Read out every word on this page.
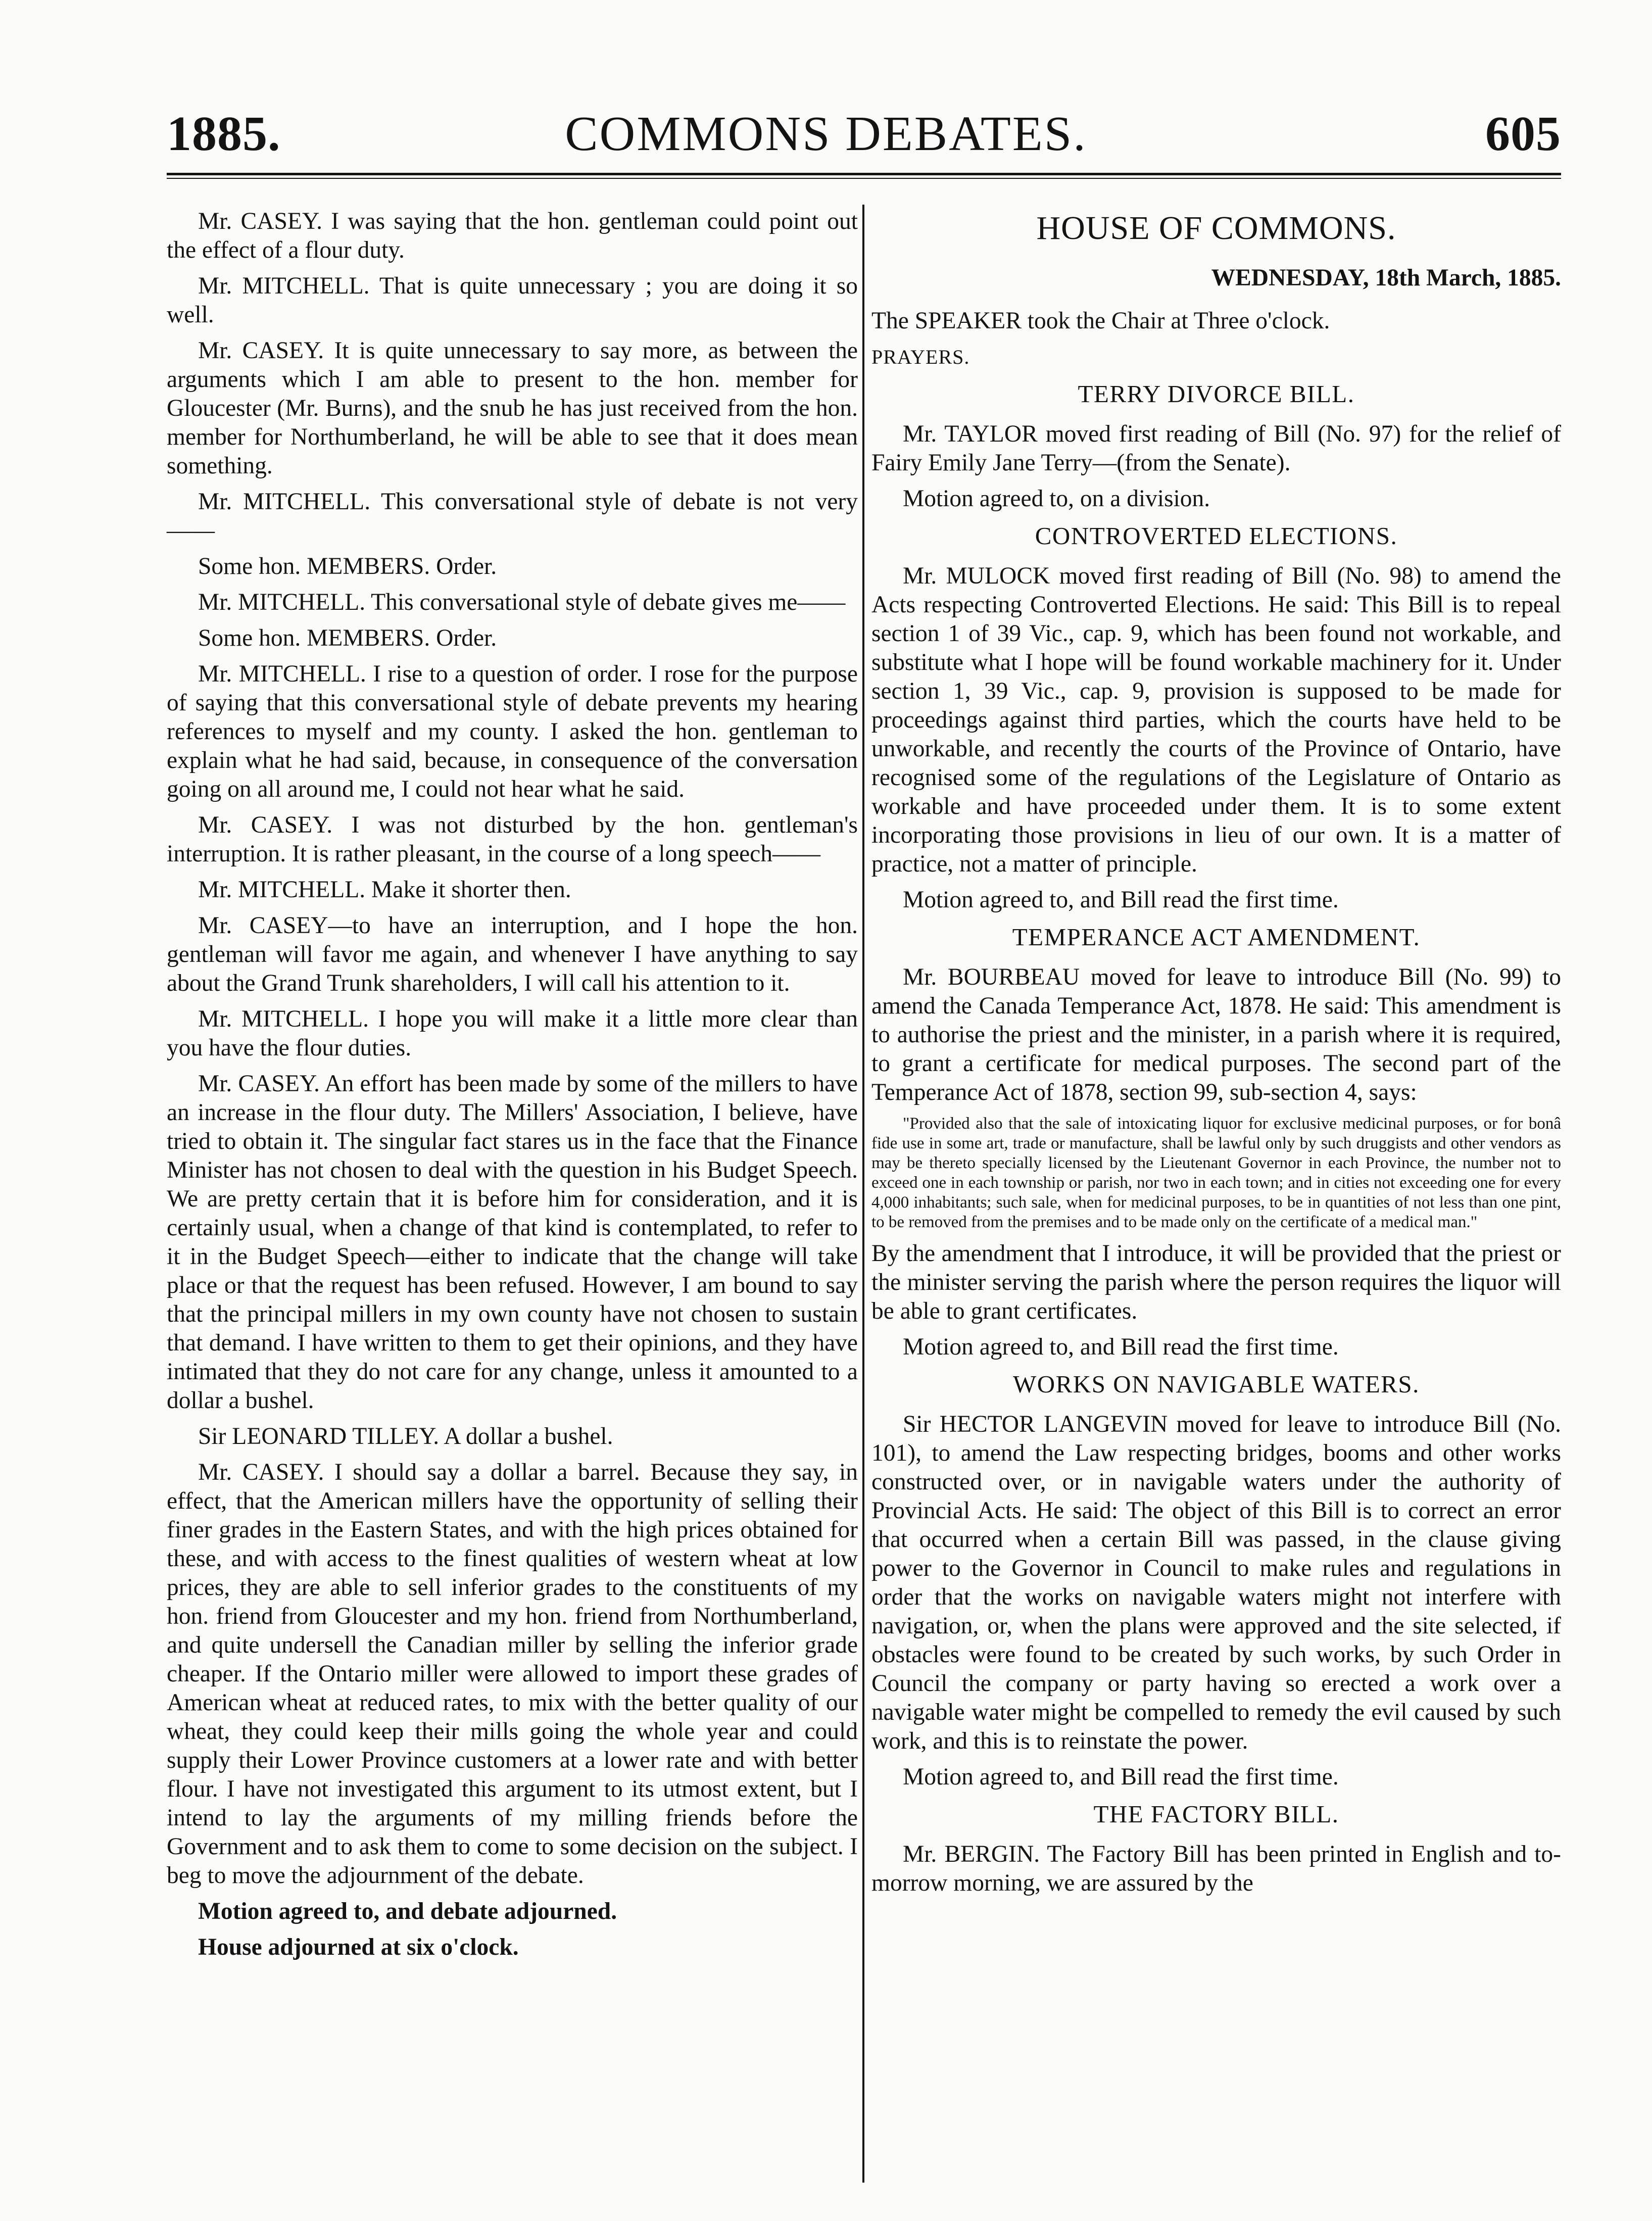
1885.	COMMONS DEBATES.	605

Mr. CASEY. I was saying that the hon. gentleman could point out the effect of a flour duty.

Mr. MITCHELL. That is quite unnecessary ; you are doing it so well.

Mr. CASEY. It is quite unnecessary to say more, as between the arguments which I am able to present to the hon. member for Gloucester (Mr. Burns), and the snub he has just received from the hon. member for Northumberland, he will be able to see that it does mean something.

Mr. MITCHELL. This conversational style of debate is not very——

Some hon. MEMBERS. Order.

Mr. MITCHELL. This conversational style of debate gives me——

Some hon. MEMBERS. Order.

Mr. MITCHELL. I rise to a question of order. I rose for the purpose of saying that this conversational style of debate prevents my hearing references to myself and my county. I asked the hon. gentleman to explain what he had said, because, in consequence of the conversation going on all around me, I could not hear what he said.

Mr. CASEY. I was not disturbed by the hon. gentleman's interruption. It is rather pleasant, in the course of a long speech——

Mr. MITCHELL. Make it shorter then.

Mr. CASEY—to have an interruption, and I hope the hon. gentleman will favor me again, and whenever I have anything to say about the Grand Trunk shareholders, I will call his attention to it.

Mr. MITCHELL. I hope you will make it a little more clear than you have the flour duties.

Mr. CASEY. An effort has been made by some of the millers to have an increase in the flour duty. The Millers' Association, I believe, have tried to obtain it. The singular fact stares us in the face that the Finance Minister has not chosen to deal with the question in his Budget Speech. We are pretty certain that it is before him for consideration, and it is certainly usual, when a change of that kind is contemplated, to refer to it in the Budget Speech—either to indicate that the change will take place or that the request has been refused. However, I am bound to say that the principal millers in my own county have not chosen to sustain that demand. I have written to them to get their opinions, and they have intimated that they do not care for any change, unless it amounted to a dollar a bushel.

Sir LEONARD TILLEY. A dollar a bushel.

Mr. CASEY. I should say a dollar a barrel. Because they say, in effect, that the American millers have the opportunity of selling their finer grades in the Eastern States, and with the high prices obtained for these, and with access to the finest qualities of western wheat at low prices, they are able to sell inferior grades to the constituents of my hon. friend from Gloucester and my hon. friend from Northumberland, and quite undersell the Canadian miller by selling the inferior grade cheaper. If the Ontario miller were allowed to import these grades of American wheat at reduced rates, to mix with the better quality of our wheat, they could keep their mills going the whole year and could supply their Lower Province customers at a lower rate and with better flour. I have not investigated this argument to its utmost extent, but I intend to lay the arguments of my milling friends before the Government and to ask them to come to some decision on the subject. I beg to move the adjournment of the debate.

Motion agreed to, and debate adjourned.

House adjourned at six o'clock.

HOUSE OF COMMONS.
WEDNESDAY, 18th March, 1885.

The SPEAKER took the Chair at Three o'clock.

PRAYERS.

TERRY DIVORCE BILL.

Mr. TAYLOR moved first reading of Bill (No. 97) for the relief of Fairy Emily Jane Terry—(from the Senate).

Motion agreed to, on a division.

CONTROVERTED ELECTIONS.

Mr. MULOCK moved first reading of Bill (No. 98) to amend the Acts respecting Controverted Elections. He said: This Bill is to repeal section 1 of 39 Vic., cap. 9, which has been found not workable, and substitute what I hope will be found workable machinery for it. Under section 1, 39 Vic., cap. 9, provision is supposed to be made for proceedings against third parties, which the courts have held to be unworkable, and recently the courts of the Province of Ontario, have recognised some of the regulations of the Legislature of Ontario as workable and have proceeded under them. It is to some extent incorporating those provisions in lieu of our own. It is a matter of practice, not a matter of principle.

Motion agreed to, and Bill read the first time.

TEMPERANCE ACT AMENDMENT.

Mr. BOURBEAU moved for leave to introduce Bill (No. 99) to amend the Canada Temperance Act, 1878. He said: This amendment is to authorise the priest and the minister, in a parish where it is required, to grant a certificate for medical purposes. The second part of the Temperance Act of 1878, section 99, sub-section 4, says:

"Provided also that the sale of intoxicating liquor for exclusive medicinal purposes, or for bonâ fide use in some art, trade or manufacture, shall be lawful only by such druggists and other vendors as may be thereto specially licensed by the Lieutenant Governor in each Province, the number not to exceed one in each township or parish, nor two in each town; and in cities not exceeding one for every 4,000 inhabitants; such sale, when for medicinal purposes, to be in quantities of not less than one pint, to be removed from the premises and to be made only on the certificate of a medical man."

By the amendment that I introduce, it will be provided that the priest or the minister serving the parish where the person requires the liquor will be able to grant certificates.

Motion agreed to, and Bill read the first time.

WORKS ON NAVIGABLE WATERS.

Sir HECTOR LANGEVIN moved for leave to introduce Bill (No. 101), to amend the Law respecting bridges, booms and other works constructed over, or in navigable waters under the authority of Provincial Acts. He said: The object of this Bill is to correct an error that occurred when a certain Bill was passed, in the clause giving power to the Governor in Council to make rules and regulations in order that the works on navigable waters might not interfere with navigation, or, when the plans were approved and the site selected, if obstacles were found to be created by such works, by such Order in Council the company or party having so erected a work over a navigable water might be compelled to remedy the evil caused by such work, and this is to reinstate the power.

Motion agreed to, and Bill read the first time.

THE FACTORY BILL.

Mr. BERGIN. The Factory Bill has been printed in English and to-morrow morning, we are assured by the
